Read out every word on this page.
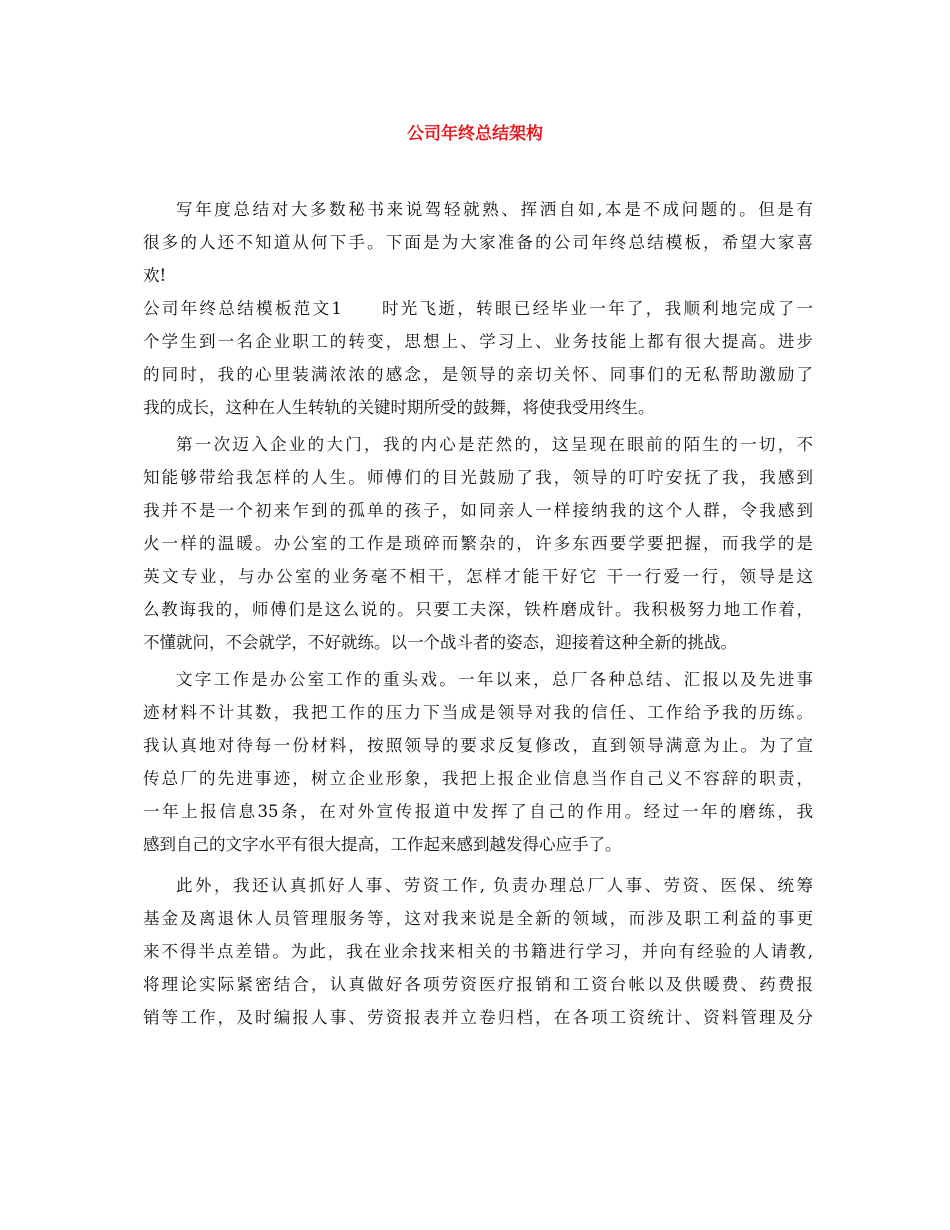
公司年终总结架构
写年度总结对大多数秘书来说驾轻就熟、挥洒自如,本是不成问题的。但是有
很多的人还不知道从何下手。下面是为大家准备的公司年终总结模板，希望大家喜
欢!
公司年终总结模板范文1　　时光飞逝，转眼已经毕业一年了，我顺利地完成了一
个学生到一名企业职工的转变，思想上、学习上、业务技能上都有很大提高。进步
的同时，我的心里装满浓浓的感念，是领导的亲切关怀、同事们的无私帮助激励了
我的成长，这种在人生转轨的关键时期所受的鼓舞，将使我受用终生。
第一次迈入企业的大门，我的内心是茫然的，这呈现在眼前的陌生的一切，不
知能够带给我怎样的人生。师傅们的目光鼓励了我，领导的叮咛安抚了我，我感到
我并不是一个初来乍到的孤单的孩子，如同亲人一样接纳我的这个人群，令我感到
火一样的温暖。办公室的工作是琐碎而繁杂的，许多东西要学要把握，而我学的是
英文专业，与办公室的业务毫不相干，怎样才能干好它 干一行爱一行，领导是这
么教诲我的，师傅们是这么说的。只要工夫深，铁杵磨成针。我积极努力地工作着，
不懂就问，不会就学，不好就练。以一个战斗者的姿态，迎接着这种全新的挑战。
文字工作是办公室工作的重头戏。一年以来，总厂各种总结、汇报以及先进事
迹材料不计其数，我把工作的压力下当成是领导对我的信任、工作给予我的历练。
我认真地对待每一份材料，按照领导的要求反复修改，直到领导满意为止。为了宣
传总厂的先进事迹，树立企业形象，我把上报企业信息当作自己义不容辞的职责，
一年上报信息35条，在对外宣传报道中发挥了自己的作用。经过一年的磨练，我
感到自己的文字水平有很大提高，工作起来感到越发得心应手了。
此外，我还认真抓好人事、劳资工作, 负责办理总厂人事、劳资、医保、统筹
基金及离退休人员管理服务等，这对我来说是全新的领域，而涉及职工利益的事更
来不得半点差错。为此，我在业余找来相关的书籍进行学习，并向有经验的人请教,
将理论实际紧密结合，认真做好各项劳资医疗报销和工资台帐以及供暖费、药费报
销等工作，及时编报人事、劳资报表并立卷归档，在各项工资统计、资料管理及分
